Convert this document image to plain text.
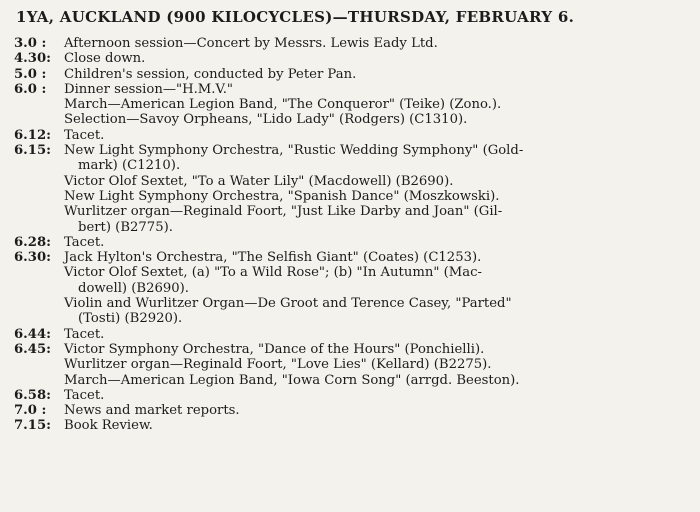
1YA, AUCKLAND (900 KILOCYCLES)—THURSDAY, FEBRUARY 6.
3.0 :	Afternoon session—Concert by Messrs. Lewis Eady Ltd.
4.30: Close down.
5.0 :	Children's session, conducted by Peter Pan.
6.0 :	Dinner session—"H.M.V."
March—American Legion Band, "The Conqueror" (Teike) (Zono.).
Selection—Savoy Orpheans, "Lido Lady" (Rodgers) (C1310).
6.12: Tacet.
6.15: New Light Symphony Orchestra, "Rustic Wedding Symphony" (Gold-
mark) (C1210).
Victor Olof Sextet, "To a Water Lily" (Macdowell) (B2690).
New Light Symphony Orchestra, "Spanish Dance" (Moszkowski).
Wurlitzer organ—Reginald Foort, "Just Like Darby and Joan" (Gil-
bert) (B2775).
6.28: Tacet.
6.30: Jack Hylton's Orchestra, "The Selfish Giant" (Coates) (C1253).
Victor Olof Sextet, (a) "To a Wild Rose"; (b) "In Autumn" (Mac-
dowell) (B2690).
Violin and Wurlitzer Organ—De Groot and Terence Casey, "Parted"
(Tosti) (B2920).
6.44: Tacet.
6.45: Victor Symphony Orchestra, "Dance of the Hours" (Ponchielli).
Wurlitzer organ—Reginald Foort, "Love Lies" (Kellard) (B2275).
March—American Legion Band, "Iowa Corn Song" (arrgd. Beeston).
6.58: Tacet.
7.0 :	News and market reports.
7.15: Book Review.
